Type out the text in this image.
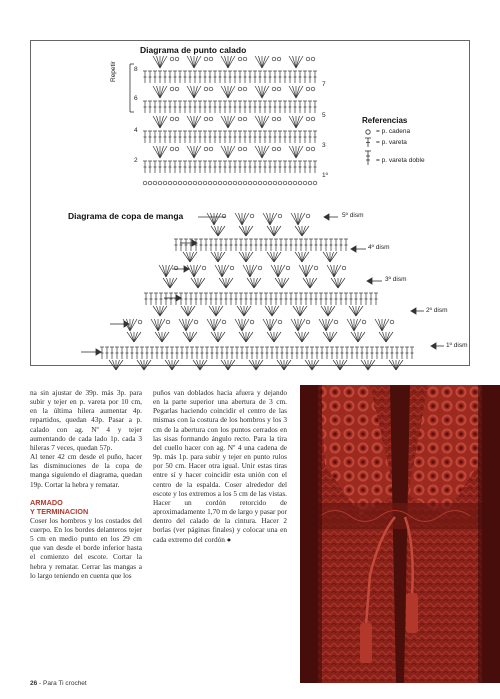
Diagrama de punto calado
8
6
4
2
7
5
3
1º
Repetir
Referencias
= p. cadena
= p. vareta
= p. vareta doble
Diagrama de copa de manga	5º dism
4º dism
3º dism
2º dism
1º dism

na sin ajustar de 39p. más 3p. para subir y tejer en p. vareta por 10 cm, en la última hilera aumentar 4p. repartidos, quedan 43p. Pasar a p. calado con ag. Nº 4 y tejer aumentando de cada lado 1p. cada 3 hileras 7 veces, quedan 57p.

Al tener 42 cm desde el puño, hacer las disminuciones de la copa de manga siguiendo el diagrama, quedan 19p. Cortar la hebra y rematar.

ARMADO
Y TERMINACION

Coser los hombros y los costados del cuerpo. En los bordes delanteros tejer 5 cm en medio punto en los 29 cm que van desde el borde inferior hasta el comienzo del escote. Cortar la hebra y rematar. Cerrar las mangas a lo largo teniendo en cuenta que los

puños van doblados hacia afuera y dejando en la parte superior una abertura de 3 cm. Pegarlas haciendo coincidir el centro de las mismas con la costura de los hombros y los 3 cm de la abertura con los puntos cerrados en las sisas formando ángulo recto. Para la tira del cuello hacer con ag. Nº 4 una cadena de 9p. más 1p. para subir y tejer en punto rulos por 50 cm. Hacer otra igual. Unir estas tiras entre sí y hacer coincidir esta unión con el centro de la espalda. Coser alrededor del escote y los extremos a los 5 cm de las vistas. Hacer un cordón retorcido de aproximadamente 1,70 m de largo y pasar por dentro del calado de la cintura. Hacer 2 borlas (ver páginas finales) y colocar una en cada extremo del cordón ●

26 - Para Ti crochet
